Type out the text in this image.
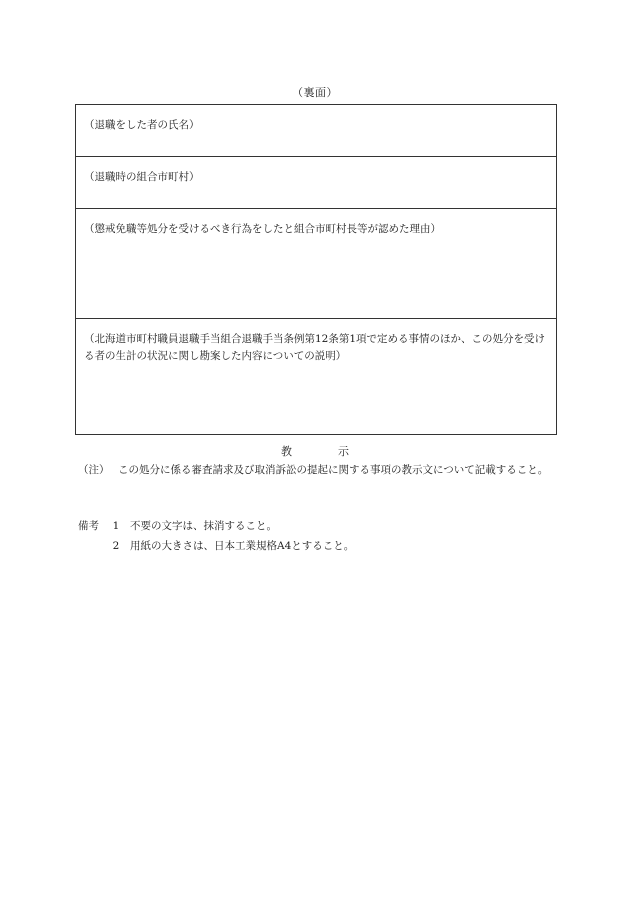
（裏面）

（退職をした者の氏名）

（退職時の組合市町村）

（懲戒免職等処分を受けるべき行為をしたと組合市町村長等が認めた理由）

（北海道市町村職員退職手当組合退職手当条例第12条第1項で定める事情のほか、この処分を受ける者の生計の状況に関し勘案した内容についての説明）

教	示
（注） この処分に係る審査請求及び取消訴訟の提起に関する事項の教示文について記載すること。
備考	1	不要の文字は、抹消すること。
2	用紙の大きさは、日本工業規格A4とすること。
